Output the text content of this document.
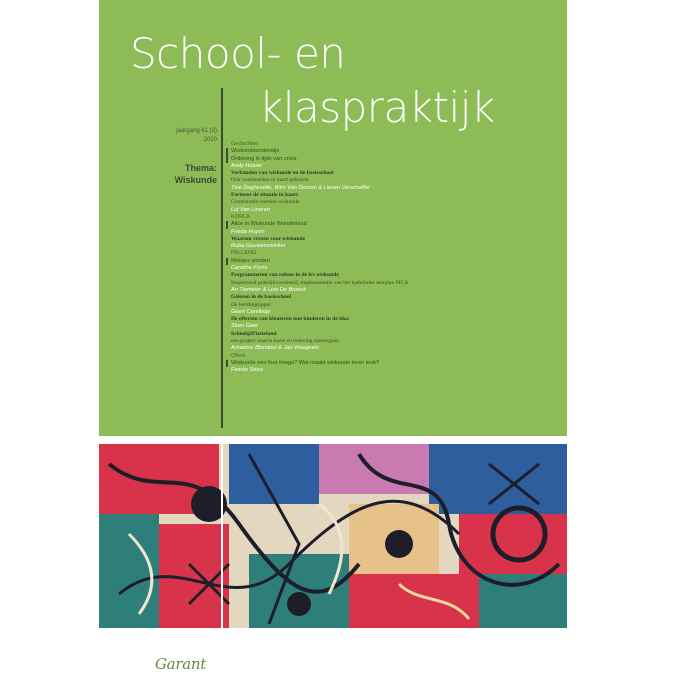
School- en
klaspraktijk
jaargang 61 (3)
2020
Thema:
Wiskunde
Gedachten
Wiskundeonderwijs
Ordening in tijde van crisis
Andy Hoarer
Verbanden van wiskunde en de basisschool
Ook voorbeelden in kaart gebracht
Tine Degheselle, Wim Van Dooren & Lieven Verschaffel
Formeer de situatie in kaart
Contextuele vormen wiskunde
Lid Van Lineren
KORLA
Alice in Wiskunde Wonderland
Frieda Hoyen
Waarom vrezen voor wiskunde
Ruba Geuwenswinkel
PALLENG
Meisjes worden
Caroline Fryns
Programmeren van robots in de lrs wiskunde
Inspirerend praktijkvoorbeeld, implementatie van het katholieke leerplan PICA
An Tiemeier & Lise De Broeck
Gelezen in de basisschool
De leerdingsipper
Geert Carelleqe
De effecten van kleuteren met kinderen in de klas
Siren Gaie
School@Platteland
een project waarin korte en beleving samengaan
Annelore Blondeel & Jan Waegeels
Ofwel
Wiskunde een fout imago? Wat maakt wiskunde leren leuk?
Femke Swos
Garant
